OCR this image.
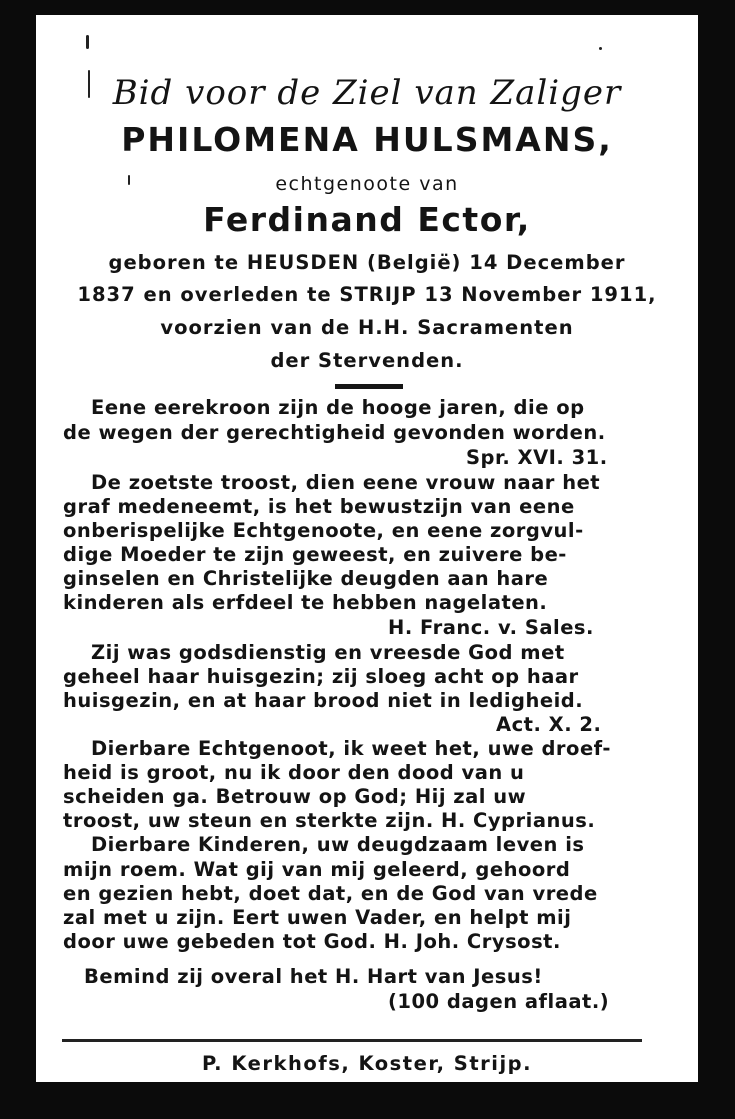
Bid voor de Ziel van Zaliger
PHILOMENA HULSMANS,
echtgenoote van
Ferdinand Ector,
geboren te HEUSDEN (België) 14 December
1837 en overleden te STRIJP 13 November 1911,
voorzien van de H.H. Sacramenten
der Stervenden.
Eene eerekroon zijn de hooge jaren, die op
de wegen der gerechtigheid gevonden worden.
Spr. XVI. 31.
De zoetste troost, dien eene vrouw naar het
graf medeneemt, is het bewustzijn van eene
onberispelijke Echtgenoote, en eene zorgvul-
dige Moeder te zijn geweest, en zuivere be-
ginselen en Christelijke deugden aan hare
kinderen als erfdeel te hebben nagelaten.
H. Franc. v. Sales.
Zij was godsdienstig en vreesde God met
geheel haar huisgezin; zij sloeg acht op haar
huisgezin, en at haar brood niet in ledigheid.
Act. X. 2.
Dierbare Echtgenoot, ik weet het, uwe droef-
heid is groot, nu ik door den dood van u
scheiden ga. Betrouw op God; Hij zal uw
troost, uw steun en sterkte zijn. H. Cyprianus.
Dierbare Kinderen, uw deugdzaam leven is
mijn roem. Wat gij van mij geleerd, gehoord
en gezien hebt, doet dat, en de God van vrede
zal met u zijn. Eert uwen Vader, en helpt mij
door uwe gebeden tot God. H. Joh. Crysost.
Bemind zij overal het H. Hart van Jesus!
(100 dagen aflaat.)
P. Kerkhofs, Koster, Strijp.
